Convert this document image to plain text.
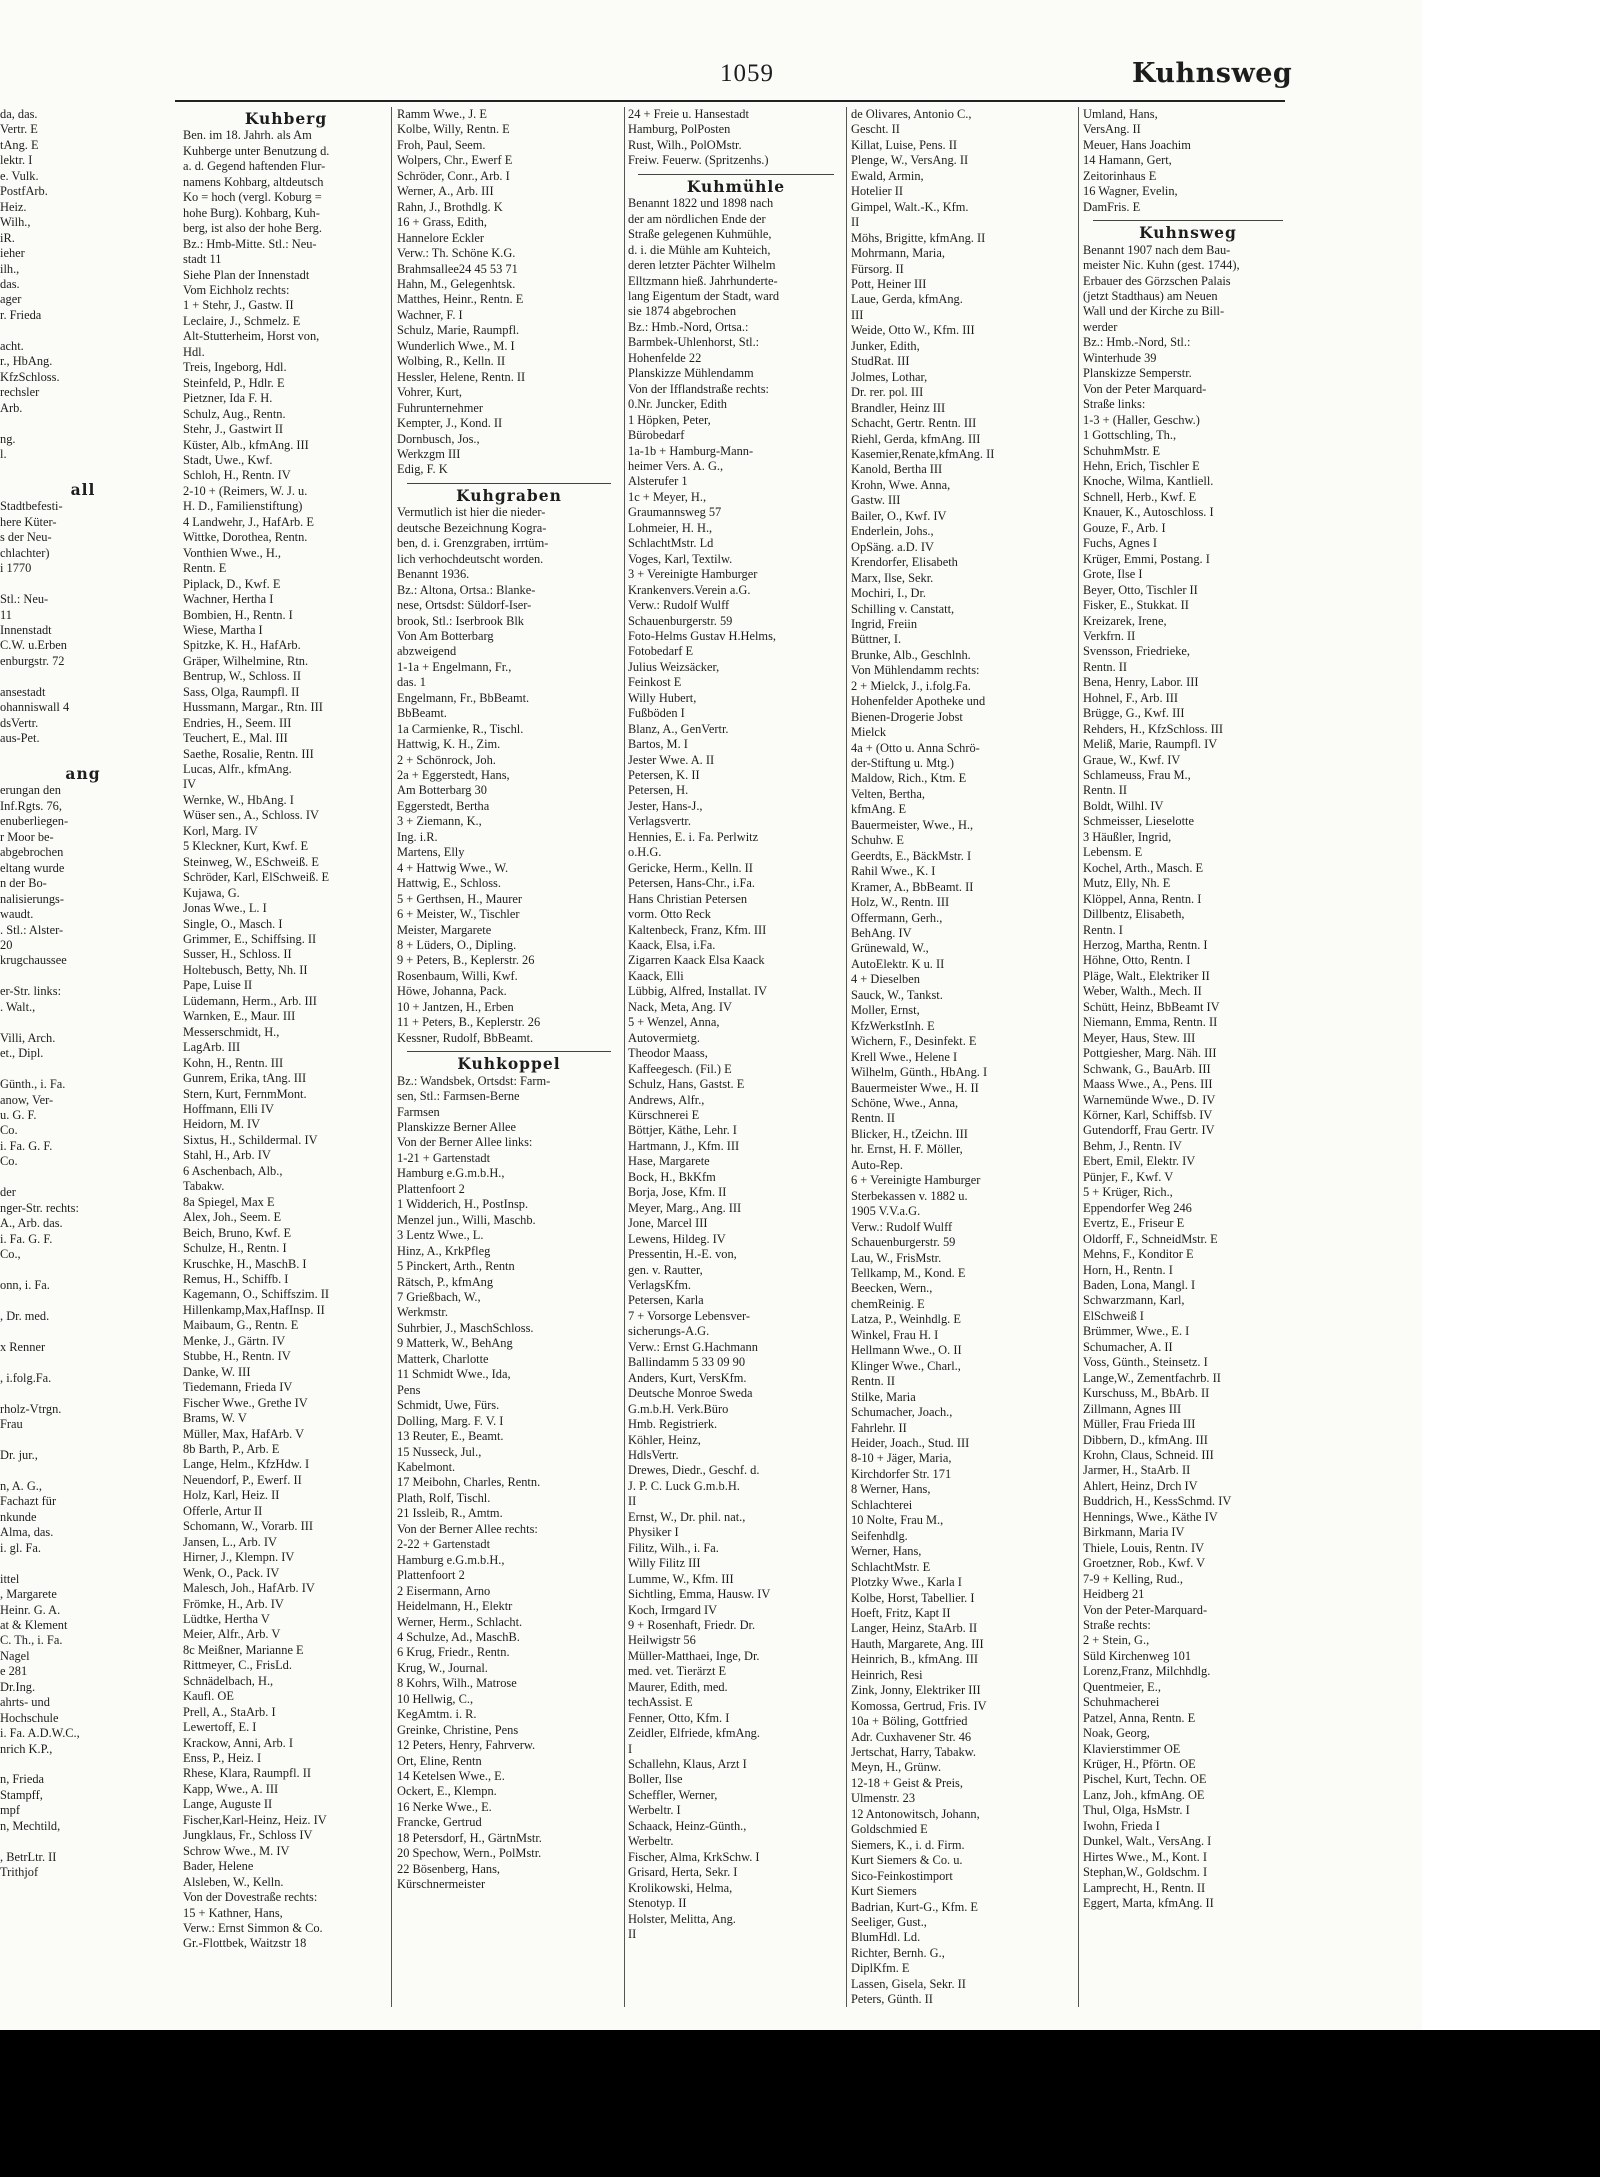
1059	Kuhnsweg
da, das.
Vertr. E
tAng. E
lektr. I
e. Vulk.
PostfArb.
Heiz.
Wilh.,
iR.
ieher
ilh.,
das.
ager
r. Frieda

acht.
r., HbAng.
KfzSchloss.
rechsler
Arb.

ng.
l.

all
Stadtbefesti-
here Küter-
s der Neu-
chlachter)
i 1770

Stl.: Neu-
11
Innenstadt
C.W. u.Erben
enburgstr. 72

ansestadt
ohanniswall 4
dsVertr.
aus-Pet.

ang
erungan den
Inf.Rgts. 76,
enuberliegen-
r Moor be-
abgebrochen
eltang wurde
n der Bo-
nalisierungs-
waudt.
. Stl.: Alster-
20
krugchaussee

er-Str. links:
. Walt.,

Villi, Arch.
et., Dipl.

Günth., i. Fa.
anow, Ver-
u. G. F.
Co.
i. Fa. G. F.
Co.

der
nger-Str. rechts:
A., Arb. das.
i. Fa. G. F.
Co.,

onn, i. Fa.

, Dr. med.

x Renner

, i.folg.Fa.

rholz-Vtrgn.
Frau

Dr. jur.,

n, A. G.,
Fachazt für
nkunde
Alma, das.
i. gl. Fa.

ittel
, Margarete
Heinr. G. A.
at & Klement
C. Th., i. Fa.
Nagel
e 281
Dr.Ing.
ahrts- und
Hochschule
i. Fa. A.D.W.C.,
nrich K.P.,

n, Frieda
Stampff,
mpf
n, Mechtild,

, BetrLtr. II
Trithjof
Kuhberg
Ben. im 18. Jahrh. als Am
Kuhberge unter Benutzung d.
a. d. Gegend haftenden Flur-
namens Kohbarg, altdeutsch
Ko = hoch (vergl. Koburg =
hohe Burg). Kohbarg, Kuh-
berg, ist also der hohe Berg.
Bz.: Hmb-Mitte. Stl.: Neu-
stadt 11
Siehe Plan der Innenstadt
Vom Eichholz rechts:
1 + Stehr, J., Gastw. II
Leclaire, J., Schmelz. E
Alt-Stutterheim, Horst von,
Hdl.
Treis, Ingeborg, Hdl.
Steinfeld, P., Hdlr. E
Pietzner, Ida F. H.
Schulz, Aug., Rentn.
Stehr, J., Gastwirt II
Küster, Alb., kfmAng. III
Stadt, Uwe., Kwf.
Schloh, H., Rentn. IV
2-10 + (Reimers, W. J. u.
H. D., Familienstiftung)
4 Landwehr, J., HafArb. E
Wittke, Dorothea, Rentn.
Vonthien Wwe., H.,
Rentn. E
Piplack, D., Kwf. E
Wachner, Hertha I
Bombien, H., Rentn. I
Wiese, Martha I
Spitzke, K. H., HafArb.
Gräper, Wilhelmine, Rtn.
Bentrup, W., Schloss. II
Sass, Olga, Raumpfl. II
Hussmann, Margar., Rtn. III
Endries, H., Seem. III
Teuchert, E., Mal. III
Saethe, Rosalie, Rentn. III
Lucas, Alfr., kfmAng.
IV
Wernke, W., HbAng. I
Wüser sen., A., Schloss. IV
Korl, Marg. IV
5 Kleckner, Kurt, Kwf. E
Steinweg, W., ESchweiß. E
Schröder, Karl, ElSchweiß. E
Kujawa, G.
Jonas Wwe., L. I
Single, O., Masch. I
Grimmer, E., Schiffsing. II
Susser, H., Schloss. II
Holtebusch, Betty, Nh. II
Pape, Luise II
Lüdemann, Herm., Arb. III
Warnken, E., Maur. III
Messerschmidt, H.,
LagArb. III
Kohn, H., Rentn. III
Gunrem, Erika, tAng. III
Stern, Kurt, FernmMont.
Hoffmann, Elli IV
Heidorn, M. IV
Sixtus, H., Schildermal. IV
Stahl, H., Arb. IV
6 Aschenbach, Alb.,
Tabakw.
8a Spiegel, Max E
Alex, Joh., Seem. E
Beich, Bruno, Kwf. E
Schulze, H., Rentn. I
Kruschke, H., MaschB. I
Remus, H., Schiffb. I
Kagemann, O., Schiffszim. II
Hillenkamp,Max,HafInsp. II
Maibaum, G., Rentn. E
Menke, J., Gärtn. IV
Stubbe, H., Rentn. IV
Danke, W. III
Tiedemann, Frieda IV
Fischer Wwe., Grethe IV
Brams, W. V
Müller, Max, HafArb. V
8b Barth, P., Arb. E
Lange, Helm., KfzHdw. I
Neuendorf, P., Ewerf. II
Holz, Karl, Heiz. II
Offerle, Artur II
Schomann, W., Vorarb. III
Jansen, L., Arb. IV
Hirner, J., Klempn. IV
Wenk, O., Pack. IV
Malesch, Joh., HafArb. IV
Frömke, H., Arb. IV
Lüdtke, Hertha V
Meier, Alfr., Arb. V
8c Meißner, Marianne E
Rittmeyer, C., FrisLd.
Schnädelbach, H.,
Kaufl. OE
Prell, A., StaArb. I
Lewertoff, E. I
Krackow, Anni, Arb. I
Enss, P., Heiz. I
Rhese, Klara, Raumpfl. II
Kapp, Wwe., A. III
Lange, Auguste II
Fischer,Karl-Heinz, Heiz. IV
Jungklaus, Fr., Schloss IV
Schrow Wwe., M. IV
Bader, Helene
Alsleben, W., Kelln.
Von der Dovestraße rechts:
15 + Kathner, Hans,
Verw.: Ernst Simmon & Co.
Gr.-Flottbek, Waitzstr 18
Ramm Wwe., J. E
Kolbe, Willy, Rentn. E
Froh, Paul, Seem.
Wolpers, Chr., Ewerf E
Schröder, Conr., Arb. I
Werner, A., Arb. III
Rahn, J., Brothdlg. K
16 + Grass, Edith,
Hannelore Eckler
Verw.: Th. Schöne K.G.
Brahmsallee24 45 53 71
Hahn, M., Gelegenhtsk.
Matthes, Heinr., Rentn. E
Wachner, F. I
Schulz, Marie, Raumpfl.
Wunderlich Wwe., M. I
Wolbing, R., Kelln. II
Hessler, Helene, Rentn. II
Vohrer, Kurt,
Fuhrunternehmer
Kempter, J., Kond. II
Dornbusch, Jos.,
Werkzgm III
Edig, F. K
Kuhgraben
Vermutlich ist hier die nieder-
deutsche Bezeichnung Kogra-
ben, d. i. Grenzgraben, irrtüm-
lich verhochdeutscht worden.
Benannt 1936.
Bz.: Altona, Ortsa.: Blanke-
nese, Ortsdst: Süldorf-Iser-
brook, Stl.: Iserbrook Blk
Von Am Botterbarg
abzweigend
1-1a + Engelmann, Fr.,
das. 1
Engelmann, Fr., BbBeamt.
BbBeamt.
1a Carmienke, R., Tischl.
Hattwig, K. H., Zim.
2 + Schönrock, Joh.
2a + Eggerstedt, Hans,
Am Botterbarg 30
Eggerstedt, Bertha
3 + Ziemann, K.,
Ing. i.R.
Martens, Elly
4 + Hattwig Wwe., W.
Hattwig, E., Schloss.
5 + Gerthsen, H., Maurer
6 + Meister, W., Tischler
Meister, Margarete
8 + Lüders, O., Dipling.
9 + Peters, B., Keplerstr. 26
Rosenbaum, Willi, Kwf.
Höwe, Johanna, Pack.
10 + Jantzen, H., Erben
11 + Peters, B., Keplerstr. 26
Kessner, Rudolf, BbBeamt.
Kuhkoppel
Bz.: Wandsbek, Ortsdst: Farm-
sen, Stl.: Farmsen-Berne
Farmsen
Planskizze Berner Allee
Von der Berner Allee links:
1-21 + Gartenstadt
Hamburg e.G.m.b.H.,
Plattenfoort 2
1 Widderich, H., PostInsp.
Menzel jun., Willi, Maschb.
3 Lentz Wwe., L.
Hinz, A., KrkPfleg
5 Pinckert, Arth., Rentn
Rätsch, P., kfmAng
7 Grießbach, W.,
Werkmstr.
Suhrbier, J., MaschSchloss.
9 Matterk, W., BehAng
Matterk, Charlotte
11 Schmidt Wwe., Ida,
Pens
Schmidt, Uwe, Fürs.
Dolling, Marg. F. V. I
13 Reuter, E., Beamt.
15 Nusseck, Jul.,
Kabelmont.
17 Meibohn, Charles, Rentn.
Plath, Rolf, Tischl.
21 Issleib, R., Amtm.
Von der Berner Allee rechts:
2-22 + Gartenstadt
Hamburg e.G.m.b.H.,
Plattenfoort 2
2 Eisermann, Arno
Heidelmann, H., Elektr
Werner, Herm., Schlacht.
4 Schulze, Ad., MaschB.
6 Krug, Friedr., Rentn.
Krug, W., Journal.
8 Kohrs, Wilh., Matrose
10 Hellwig, C.,
KegAmtm. i. R.
Greinke, Christine, Pens
12 Peters, Henry, Fahrverw.
Ort, Eline, Rentn
14 Ketelsen Wwe., E.
Ockert, E., Klempn.
16 Nerke Wwe., E.
Francke, Gertrud
18 Petersdorf, H., GärtnMstr.
20 Spechow, Wern., PolMstr.
22 Bösenberg, Hans,
Kürschnermeister
24 + Freie u. Hansestadt
Hamburg, PolPosten
Rust, Wilh., PolOMstr.
Freiw. Feuerw. (Spritzenhs.)
Kuhmühle
Benannt 1822 und 1898 nach
der am nördlichen Ende der
Straße gelegenen Kuhmühle,
d. i. die Mühle am Kuhteich,
deren letzter Pächter Wilhelm
Elltzmann hieß. Jahrhunderte-
lang Eigentum der Stadt, ward
sie 1874 abgebrochen
Bz.: Hmb.-Nord, Ortsa.:
Barmbek-Uhlenhorst, Stl.:
Hohenfelde 22
Planskizze Mühlendamm
Von der Ifflandstraße rechts:
0.Nr. Juncker, Edith
1 Höpken, Peter,
Bürobedarf
1a-1b + Hamburg-Mann-
heimer Vers. A. G.,
Alsterufer 1
1c + Meyer, H.,
Graumannsweg 57
Lohmeier, H. H.,
SchlachtMstr. Ld
Voges, Karl, Textilw.
3 + Vereinigte Hamburger
Krankenvers.Verein a.G.
Verw.: Rudolf Wulff
Schauenburgerstr. 59
Foto-Helms Gustav H.Helms,
Fotobedarf E
Julius Weizsäcker,
Feinkost E
Willy Hubert,
Fußböden I
Blanz, A., GenVertr.
Bartos, M. I
Jester Wwe. A. II
Petersen, K. II
Petersen, H.
Jester, Hans-J.,
Verlagsvertr.
Hennies, E. i. Fa. Perlwitz
o.H.G.
Gericke, Herm., Kelln. II
Petersen, Hans-Chr., i.Fa.
Hans Christian Petersen
vorm. Otto Reck
Kaltenbeck, Franz, Kfm. III
Kaack, Elsa, i.Fa.
Zigarren Kaack Elsa Kaack
Kaack, Elli
Lübbig, Alfred, Installat. IV
Nack, Meta, Ang. IV
5 + Wenzel, Anna,
Autovermietg.
Theodor Maass,
Kaffeegesch. (Fil.) E
Schulz, Hans, Gastst. E
Andrews, Alfr.,
Kürschnerei E
Böttjer, Käthe, Lehr. I
Hartmann, J., Kfm. III
Hase, Margarete
Bock, H., BkKfm
Borja, Jose, Kfm. II
Meyer, Marg., Ang. III
Jone, Marcel III
Lewens, Hildeg. IV
Pressentin, H.-E. von,
gen. v. Rautter,
VerlagsKfm.
Petersen, Karla
7 + Vorsorge Lebensver-
sicherungs-A.G.
Verw.: Ernst G.Hachmann
Ballindamm 5 33 09 90
Anders, Kurt, VersKfm.
Deutsche Monroe Sweda
G.m.b.H. Verk.Büro
Hmb. Registrierk.
Köhler, Heinz,
HdlsVertr.
Drewes, Diedr., Geschf. d.
J. P. C. Luck G.m.b.H.
II
Ernst, W., Dr. phil. nat.,
Physiker I
Filitz, Wilh., i. Fa.
Willy Filitz III
Lumme, W., Kfm. III
Sichtling, Emma, Hausw. IV
Koch, Irmgard IV
9 + Rosenhaft, Friedr. Dr.
Heilwigstr 56
Müller-Matthaei, Inge, Dr.
med. vet. Tierärzt E
Maurer, Edith, med.
techAssist. E
Fenner, Otto, Kfm. I
Zeidler, Elfriede, kfmAng.
I
Schallehn, Klaus, Arzt I
Boller, Ilse
Scheffler, Werner,
Werbeltr. I
Schaack, Heinz-Günth.,
Werbeltr.
Fischer, Alma, KrkSchw. I
Grisard, Herta, Sekr. I
Krolikowski, Helma,
Stenotyp. II
Holster, Melitta, Ang.
II
de Olivares, Antonio C.,
Gescht. II
Killat, Luise, Pens. II
Plenge, W., VersAng. II
Ewald, Armin,
Hotelier II
Gimpel, Walt.-K., Kfm.
II
Möhs, Brigitte, kfmAng. II
Mohrmann, Maria,
Fürsorg. II
Pott, Heiner III
Laue, Gerda, kfmAng.
III
Weide, Otto W., Kfm. III
Junker, Edith,
StudRat. III
Jolmes, Lothar,
Dr. rer. pol. III
Brandler, Heinz III
Schacht, Gertr. Rentn. III
Riehl, Gerda, kfmAng. III
Kasemier,Renate,kfmAng. II
Kanold, Bertha III
Krohn, Wwe. Anna,
Gastw. III
Bailer, O., Kwf. IV
Enderlein, Johs.,
OpSäng. a.D. IV
Krendorfer, Elisabeth
Marx, Ilse, Sekr.
Mochiri, I., Dr.
Schilling v. Canstatt,
Ingrid, Freiin
Büttner, I.
Brunke, Alb., Geschlnh.
Von Mühlendamm rechts:
2 + Mielck, J., i.folg.Fa.
Hohenfelder Apotheke und
Bienen-Drogerie Jobst
Mielck
4a + (Otto u. Anna Schrö-
der-Stiftung u. Mtg.)
Maldow, Rich., Ktm. E
Velten, Bertha,
kfmAng. E
Bauermeister, Wwe., H.,
Schuhw. E
Geerdts, E., BäckMstr. I
Rahil Wwe., K. I
Kramer, A., BbBeamt. II
Holz, W., Rentn. III
Offermann, Gerh.,
BehAng. IV
Grünewald, W.,
AutoElektr. K u. II
4 + Dieselben
Sauck, W., Tankst.
Moller, Ernst,
KfzWerkstInh. E
Wichern, F., Desinfekt. E
Krell Wwe., Helene I
Wilhelm, Günth., HbAng. I
Bauermeister Wwe., H. II
Schöne, Wwe., Anna,
Rentn. II
Blicker, H., tZeichn. III
hr. Ernst, H. F. Möller,
Auto-Rep.
6 + Vereinigte Hamburger
Sterbekassen v. 1882 u.
1905 V.V.a.G.
Verw.: Rudolf Wulff
Schauenburgerstr. 59
Lau, W., FrisMstr.
Tellkamp, M., Kond. E
Beecken, Wern.,
chemReinig. E
Latza, P., Weinhdlg. E
Winkel, Frau H. I
Hellmann Wwe., O. II
Klinger Wwe., Charl.,
Rentn. II
Stilke, Maria
Schumacher, Joach.,
Fahrlehr. II
Heider, Joach., Stud. III
8-10 + Jäger, Maria,
Kirchdorfer Str. 171
8 Werner, Hans,
Schlachterei
10 Nolte, Frau M.,
Seifenhdlg.
Werner, Hans,
SchlachtMstr. E
Plotzky Wwe., Karla I
Kolbe, Horst, Tabellier. I
Hoeft, Fritz, Kapt II
Langer, Heinz, StaArb. II
Hauth, Margarete, Ang. III
Heinrich, B., kfmAng. III
Heinrich, Resi
Zink, Jonny, Elektriker III
Komossa, Gertrud, Fris. IV
10a + Böling, Gottfried
Adr. Cuxhavener Str. 46
Jertschat, Harry, Tabakw.
Meyn, H., Grünw.
12-18 + Geist & Preis,
Ulmenstr. 23
12 Antonowitsch, Johann,
Goldschmied E
Siemers, K., i. d. Firm.
Kurt Siemers & Co. u.
Sico-Feinkostimport
Kurt Siemers
Badrian, Kurt-G., Kfm. E
Seeliger, Gust.,
BlumHdl. Ld.
Richter, Bernh. G.,
DiplKfm. E
Lassen, Gisela, Sekr. II
Peters, Günth. II
Umland, Hans,
VersAng. II
Meuer, Hans Joachim
14 Hamann, Gert,
Zeitorinhaus E
16 Wagner, Evelin,
DamFris. E
Kuhnsweg
Benannt 1907 nach dem Bau-
meister Nic. Kuhn (gest. 1744),
Erbauer des Görzschen Palais
(jetzt Stadthaus) am Neuen
Wall und der Kirche zu Bill-
werder
Bz.: Hmb.-Nord, Stl.:
Winterhude 39
Planskizze Semperstr.
Von der Peter Marquard-
Straße links:
1-3 + (Haller, Geschw.)
1 Gottschling, Th.,
SchuhmMstr. E
Hehn, Erich, Tischler E
Knoche, Wilma, Kantliell.
Schnell, Herb., Kwf. E
Knauer, K., Autoschloss. I
Gouze, F., Arb. I
Fuchs, Agnes I
Krüger, Emmi, Postang. I
Grote, Ilse I
Beyer, Otto, Tischler II
Fisker, E., Stukkat. II
Kreizarek, Irene,
Verkfrn. II
Svensson, Friedrieke,
Rentn. II
Bena, Henry, Labor. III
Hohnel, F., Arb. III
Brügge, G., Kwf. III
Rehders, H., KfzSchloss. III
Meliß, Marie, Raumpfl. IV
Graue, W., Kwf. IV
Schlameuss, Frau M.,
Rentn. II
Boldt, Wilhl. IV
Schmeisser, Lieselotte
3 Häußler, Ingrid,
Lebensm. E
Kochel, Arth., Masch. E
Mutz, Elly, Nh. E
Klöppel, Anna, Rentn. I
Dillbentz, Elisabeth,
Rentn. I
Herzog, Martha, Rentn. I
Höhne, Otto, Rentn. I
Pläge, Walt., Elektriker II
Weber, Walth., Mech. II
Schütt, Heinz, BbBeamt IV
Niemann, Emma, Rentn. II
Meyer, Haus, Stew. III
Pottgiesher, Marg. Näh. III
Schwank, G., BauArb. III
Maass Wwe., A., Pens. III
Warnemünde Wwe., D. IV
Körner, Karl, Schiffsb. IV
Gutendorff, Frau Gertr. IV
Behm, J., Rentn. IV
Ebert, Emil, Elektr. IV
Pünjer, F., Kwf. V
5 + Krüger, Rich.,
Eppendorfer Weg 246
Evertz, E., Friseur E
Oldorff, F., SchneidMstr. E
Mehns, F., Konditor E
Horn, H., Rentn. I
Baden, Lona, Mangl. I
Schwarzmann, Karl,
ElSchweiß I
Brümmer, Wwe., E. I
Schumacher, A. II
Voss, Günth., Steinsetz. I
Lange,W., Zementfachrb. II
Kurschuss, M., BbArb. II
Zillmann, Agnes III
Müller, Frau Frieda III
Dibbern, D., kfmAng. III
Krohn, Claus, Schneid. III
Jarmer, H., StaArb. II
Ahlert, Heinz, Drch IV
Buddrich, H., KessSchmd. IV
Hennings, Wwe., Käthe IV
Birkmann, Maria IV
Thiele, Louis, Rentn. IV
Groetzner, Rob., Kwf. V
7-9 + Kelling, Rud.,
Heidberg 21
Von der Peter-Marquard-
Straße rechts:
2 + Stein, G.,
Süld Kirchenweg 101
Lorenz,Franz, Milchhdlg.
Quentmeier, E.,
Schuhmacherei
Patzel, Anna, Rentn. E
Noak, Georg,
Klavierstimmer OE
Krüger, H., Pförtn. OE
Pischel, Kurt, Techn. OE
Lanz, Joh., kfmAng. OE
Thul, Olga, HsMstr. I
Iwohn, Frieda I
Dunkel, Walt., VersAng. I
Hirtes Wwe., M., Kont. I
Stephan,W., Goldschm. I
Lamprecht, H., Rentn. II
Eggert, Marta, kfmAng. II
